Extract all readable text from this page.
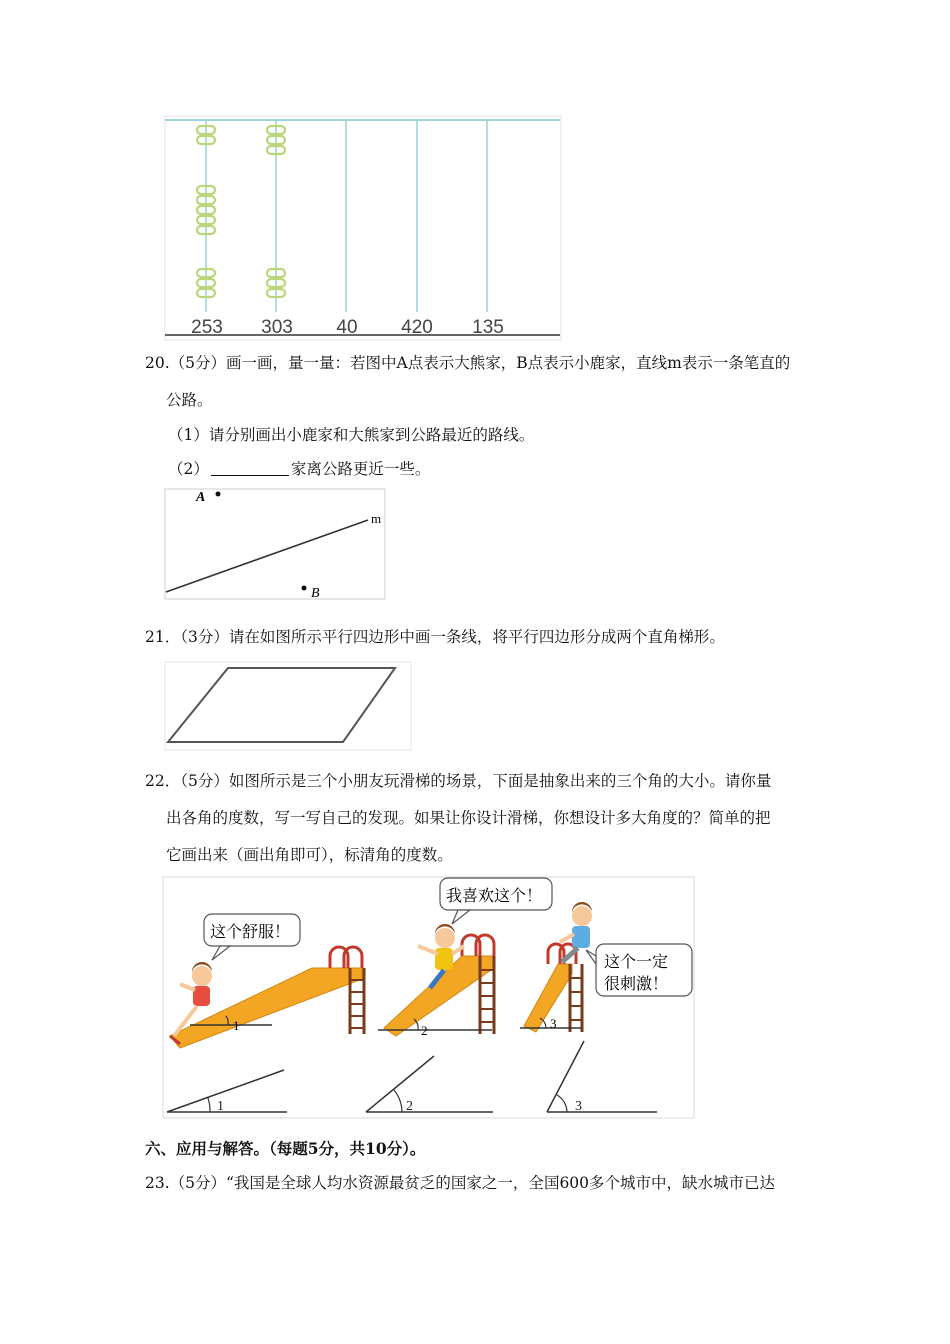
253 303 40 420 135
20.（5分）画一画，量一量：若图中A点表示大熊家，B点表示小鹿家，直线m表示一条笔直的
公路。
（1）请分别画出小鹿家和大熊家到公路最近的路线。
（2）	家离公路更近一些。
A
B
m
21．（3分）请在如图所示平行四边形中画一条线，将平行四边形分成两个直角梯形。
22．（5分）如图所示是三个小朋友玩滑梯的场景，下面是抽象出来的三个角的大小。请你量
出各角的度数，写一写自己的发现。如果让你设计滑梯，你想设计多大角度的？简单的把
它画出来（画出角即可），标清角的度数。
1
这个舒服！
2
我喜欢这个！
3
这个一定
很刺激！
1	2	3
六、应用与解答。（每题5分，共10分）。
23.（5分）“我国是全球人均水资源最贫乏的国家之一，全国600多个城市中，缺水城市已达
